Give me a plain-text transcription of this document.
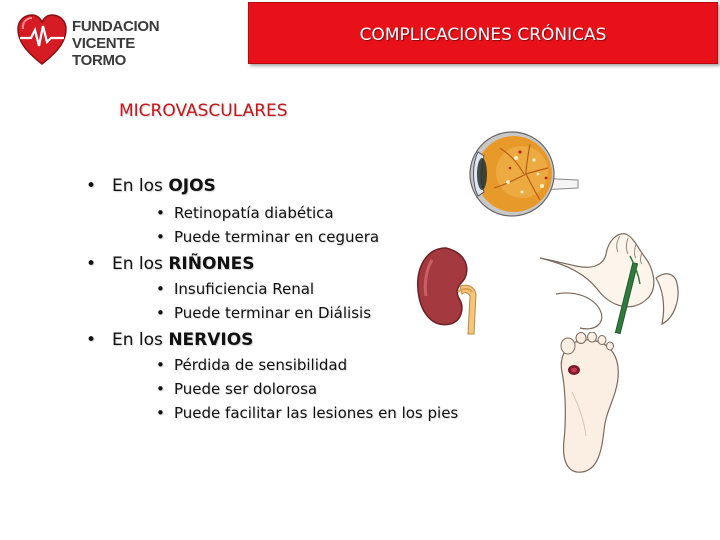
FUNDACION
VICENTE TORMO
COMPLICACIONES CRÓNICAS
MICROVASCULARES
• En los OJOS
• Retinopatía diabética
• Puede terminar en ceguera
• En los RIÑONES
• Insuficiencia Renal
• Puede terminar en Diálisis
• En los NERVIOS
• Pérdida de sensibilidad
• Puede ser dolorosa
• Puede facilitar las lesiones en los pies
